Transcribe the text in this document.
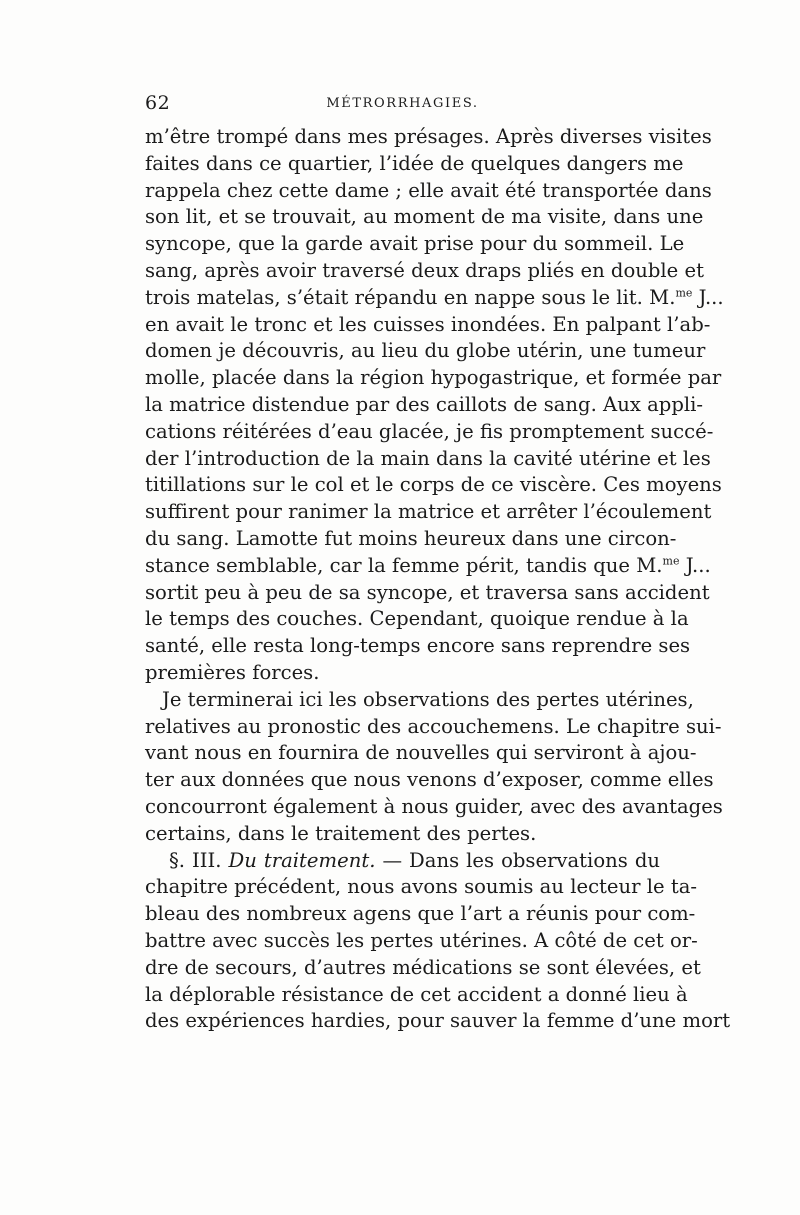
62	MÉTRORRHAGIES.
m’être trompé dans mes présages. Après diverses visites
faites dans ce quartier, l’idée de quelques dangers me
rappela chez cette dame ; elle avait été transportée dans
son lit, et se trouvait, au moment de ma visite, dans une
syncope, que la garde avait prise pour du sommeil. Le
sang, après avoir traversé deux draps pliés en double et
trois matelas, s’était répandu en nappe sous le lit. M.$^{me}$ J...
en avait le tronc et les cuisses inondées. En palpant l’ab-
domen je découvris, au lieu du globe utérin, une tumeur
molle, placée dans la région hypogastrique, et formée par
la matrice distendue par des caillots de sang. Aux appli-
cations réitérées d’eau glacée, je fis promptement succé-
der l’introduction de la main dans la cavité utérine et les
titillations sur le col et le corps de ce viscère. Ces moyens
suffirent pour ranimer la matrice et arrêter l’écoulement
du sang. Lamotte fut moins heureux dans une circon-
stance semblable, car la femme périt, tandis que M.$^{me}$ J...
sortit peu à peu de sa syncope, et traversa sans accident
le temps des couches. Cependant, quoique rendue à la
santé, elle resta long-temps encore sans reprendre ses
premières forces.
Je terminerai ici les observations des pertes utérines,
relatives au pronostic des accouchemens. Le chapitre sui-
vant nous en fournira de nouvelles qui serviront à ajou-
ter aux données que nous venons d’exposer, comme elles
concourront également à nous guider, avec des avantages
certains, dans le traitement des pertes.
§. III. Du traitement. — Dans les observations du
chapitre précédent, nous avons soumis au lecteur le ta-
bleau des nombreux agens que l’art a réunis pour com-
battre avec succès les pertes utérines. A côté de cet or-
dre de secours, d’autres médications se sont élevées, et
la déplorable résistance de cet accident a donné lieu à
des expériences hardies, pour sauver la femme d’une mort
